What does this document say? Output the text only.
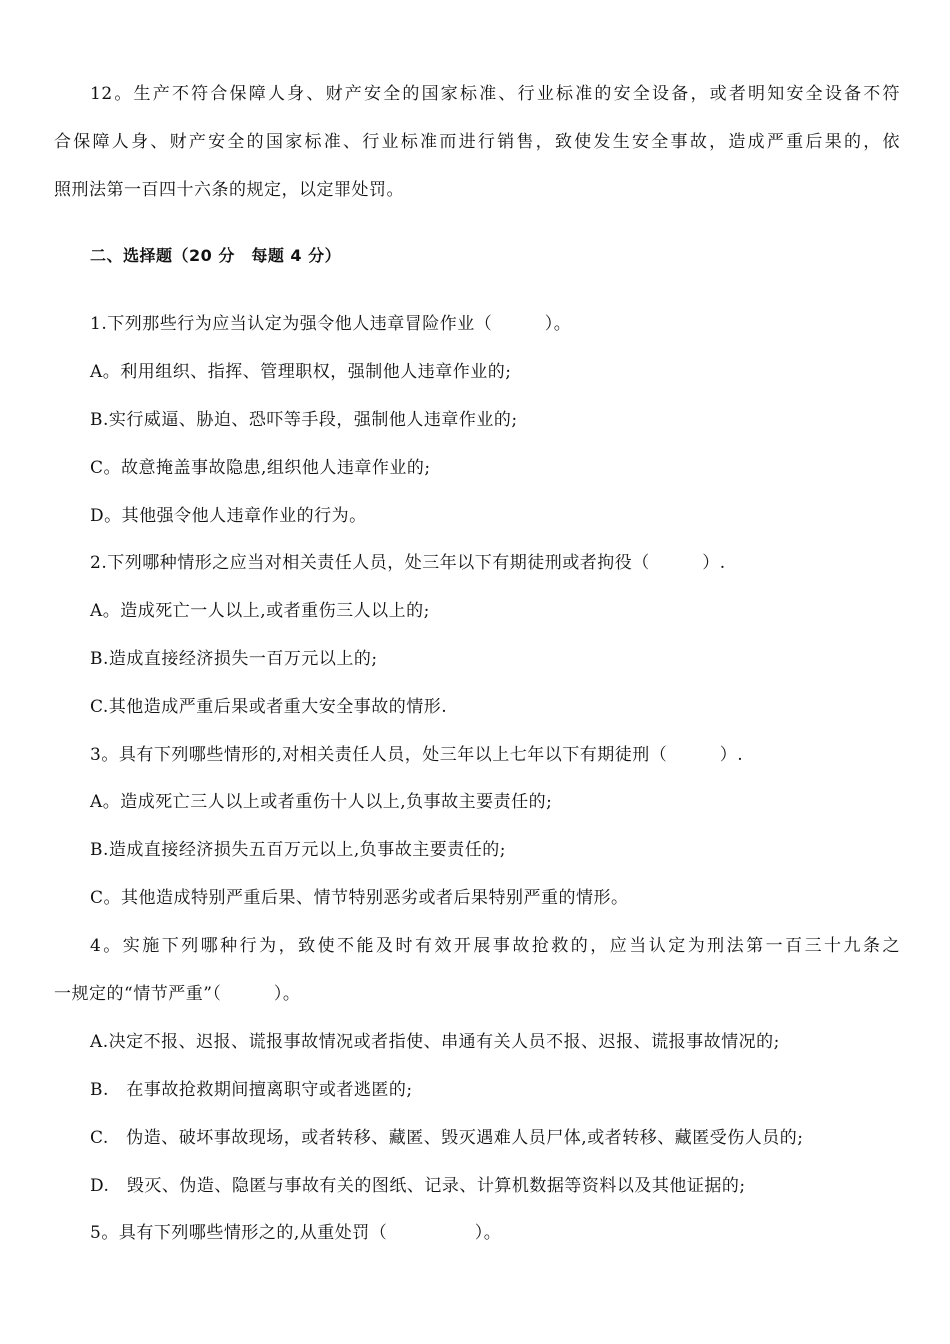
12。生产不符合保障人身、财产安全的国家标准、行业标准的安全设备，或者明知安全设备不符
合保障人身、财产安全的国家标准、行业标准而进行销售，致使发生安全事故，造成严重后果的，依
照刑法第一百四十六条的规定，以定罪处罚。
二、选择题（20 分　每题 4 分）
1.下列那些行为应当认定为强令他人违章冒险作业（　　　）。
A。利用组织、指挥、管理职权，强制他人违章作业的;
B.实行威逼、胁迫、恐吓等手段，强制他人违章作业的;
C。故意掩盖事故隐患,组织他人违章作业的;
D。其他强令他人违章作业的行为。
2.下列哪种情形之应当对相关责任人员，处三年以下有期徒刑或者拘役（　　　）.
A。造成死亡一人以上,或者重伤三人以上的;
B.造成直接经济损失一百万元以上的;
C.其他造成严重后果或者重大安全事故的情形.
3。具有下列哪些情形的,对相关责任人员，处三年以上七年以下有期徒刑（　　　）.
A。造成死亡三人以上或者重伤十人以上,负事故主要责任的;
B.造成直接经济损失五百万元以上,负事故主要责任的;
C。其他造成特别严重后果、情节特别恶劣或者后果特别严重的情形。
4。实施下列哪种行为，致使不能及时有效开展事故抢救的，应当认定为刑法第一百三十九条之
一规定的“情节严重”（　　　）。
A.决定不报、迟报、谎报事故情况或者指使、串通有关人员不报、迟报、谎报事故情况的;
B.　在事故抢救期间擅离职守或者逃匿的;
C.　伪造、破坏事故现场，或者转移、藏匿、毁灭遇难人员尸体,或者转移、藏匿受伤人员的;
D.　毁灭、伪造、隐匿与事故有关的图纸、记录、计算机数据等资料以及其他证据的;
5。具有下列哪些情形之的,从重处罚（　　　　　）。
